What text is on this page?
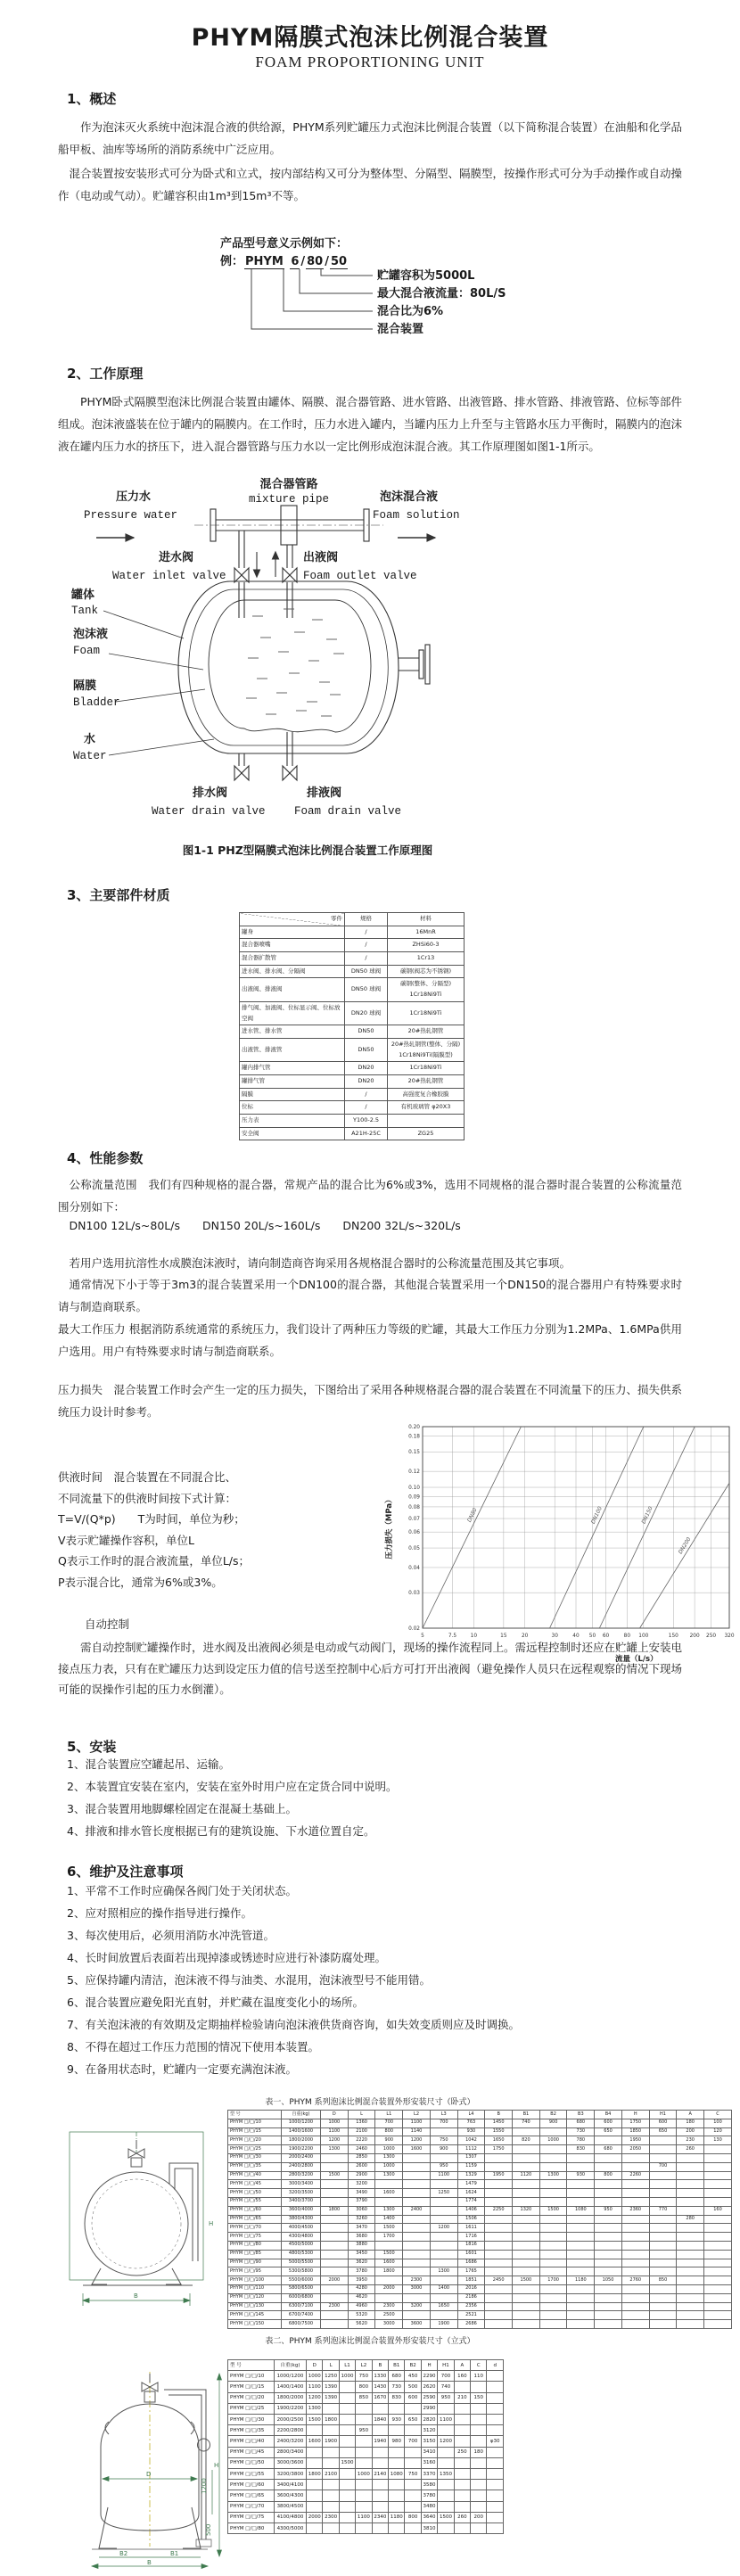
PHYM隔膜式泡沫比例混合装置
FOAM PROPORTIONING UNIT
1、概述
作为泡沫灭火系统中泡沫混合液的供给源，PHYM系列贮罐压力式泡沫比例混合装置（以下简称混合装置）在油船和化学品船甲板、油库等场所的消防系统中广泛应用。
混合装置按安装形式可分为卧式和立式，按内部结构又可分为整体型、分隔型、隔膜型，按操作形式可分为手动操作或自动操作（电动或气动）。贮罐容积由1m³到15m³不等。
产品型号意义示例如下：
例： PHYM 6 / 80 / 50
贮罐容积为5000L
最大混合液流量：80L/S
混合比为6%
混合装置
2、工作原理
PHYM卧式隔膜型泡沫比例混合装置由罐体、隔膜、混合器管路、进水管路、出液管路、排水管路、排液管路、位标等部件组成。泡沫液盛装在位于罐内的隔膜内。在工作时，压力水进入罐内，当罐内压力上升至与主管路水压力平衡时，隔膜内的泡沫液在罐内压力水的挤压下，进入混合器管路与压力水以一定比例形成泡沫混合液。其工作原理图如图1-1所示。
混合器管路
mixture pipe
压力水
Pressure water
泡沫混合液
Foam solution
进水阀
Water inlet valve
出液阀
Foam outlet valve
罐体
Tank
泡沫液
Foam
隔膜
Bladder
水
Water
排水阀
Water drain valve
排液阀
Foam drain valve
图1-1 PHZ型隔膜式泡沫比例混合装置工作原理图
3、主要部件材质
零件	规格	材料
罐身	/	16MnR
混合器喷嘴	/	ZHSi60-3
混合器扩散管	/	1Cr13
进水阀、排水阀、分隔阀	DN50 球阀	碳钢(阀芯为不锈钢)
出液阀、排液阀	DN50 球阀	碳钢(整体、分隔型) 1Cr18Ni9Ti
排气阀、加液阀、位标显示阀、位标放空阀	DN20 球阀	1Cr18Ni9Ti
进水管、排水管	DN50	20#热轧钢管
出液管、排液管	DN50	20#热轧钢管(整体、分隔) 1Cr18Ni9Ti(隔膜型)
罐内排气管	DN20	1Cr18Ni9Ti
罐排气管	DN20	20#热轧钢管
隔膜	/	高强度复合橡胶膜
位标	/	有机玻璃管 φ20X3
压力表	Y100-2.5	
安全阀	A21H-25C	ZG25
4、性能参数
公称流量范围　我们有四种规格的混合器，常规产品的混合比为6%或3%，选用不同规格的混合器时混合装置的公称流量范围分别如下：
DN100 12L/s~80L/s　　DN150 20L/s~160L/s　　DN200 32L/s~320L/s
若用户选用抗溶性水成膜泡沫液时，请向制造商咨询采用各规格混合器时的公称流量范围及其它事项。
通常情况下小于等于3m3的混合装置采用一个DN100的混合器，其他混合装置采用一个DN150的混合器用户有特殊要求时请与制造商联系。
最大工作压力 根据消防系统通常的系统压力，我们设计了两种压力等级的贮罐，其最大工作压力分别为1.2MPa、1.6MPa供用户选用。用户有特殊要求时请与制造商联系。
压力损失　混合装置工作时会产生一定的压力损失，下图给出了采用各种规格混合器的混合装置在不同流量下的压力、损失供系统压力设计时参考。
供液时间　混合装置在不同混合比、
不同流量下的供液时间按下式计算：
T=V/(Q*p)　　T为时间，单位为秒；
V表示贮罐操作容积，单位L
Q表示工作时的混合液流量，单位L/s；
P表示混合比，通常为6%或3%。
5	7.5	10	15	20	30	40 50 60	80 100	150 200 250 320
0.02
0.03
0.04
0.05
0.06
0.07
0.08
0.09
0.10
0.12
0.15
0.18
0.20
DN80	DN100	DN150
DN200
流量（L/s）
压力损失（MPa）
自动控制
需自动控制贮罐操作时，进水阀及出液阀必须是电动或气动阀门，现场的操作流程同上。需远程控制时还应在贮罐上安装电接点压力表，只有在贮罐压力达到设定压力值的信号送至控制中心后方可打开出液阀（避免操作人员只在远程观察的情况下现场可能的误操作引起的压力水倒灌）。
5、安装
1、混合装置应空罐起吊、运输。
2、本装置宜安装在室内，安装在室外时用户应在定货合同中说明。
3、混合装置用地脚螺栓固定在混凝土基础上。
4、排液和排水管长度根据已有的建筑设施、下水道位置自定。
6、维护及注意事项
1、平常不工作时应确保各阀门处于关闭状态。
2、应对照相应的操作指导进行操作。
3、每次使用后，必须用消防水冲洗管道。
4、长时间放置后表面若出现掉漆或锈迹时应进行补漆防腐处理。
5、应保持罐内清洁，泡沫液不得与油类、水混用，泡沫液型号不能用错。
6、混合装置应避免阳光直射，并贮藏在温度变化小的场所。
7、有关泡沫液的有效期及定期抽样检验请向泡沫液供货商咨询，如失效变质则应及时调换。
8、不得在超过工作压力范围的情况下使用本装置。
9、在备用状态时，贮罐内一定要充满泡沫液。
表一、PHYM 系列泡沫比例混合装置外形安装尺寸（卧式）
B
H
型 号	自重(kg)	D	L	L1	L2	L3	L4	B	B1	B2	B3	B4	H	H1	A	C
PHYM □/□/10	1000/1200	1000	1360	700	1100	700	763	1450	740	900	680	600	1750	600	180	100
PHYM □/□/15	1400/1600	1100	2100	800	1140		930	1550			730	650	1850	650	200	120
PHYM □/□/20	1800/2000	1200	2220	900	1200	750	1042	1650	820	1000	780		1950		230	130
PHYM □/□/25	1900/2200	1300	2460	1000	1600	900	1112	1750			830	680	2050		260	
PHYM □/□/30	2000/2400		2850	1300			1307									
PHYM □/□/35	2400/2800		2600	1000		950	1159							700		
PHYM □/□/40	2800/3200	1500	2900	1300		1100	1329	1950	1120	1300	930	800	2260			
PHYM □/□/45	3000/3400		3200				1479									
PHYM □/□/50	3200/3500		3490	1600		1250	1624									
PHYM □/□/55	3400/3700		3790				1774									
PHYM □/□/60	3600/4000	1800	3060	1300	2400		1406	2250	1320	1500	1080	950	2360	770		160
PHYM □/□/65	3800/4300		3260	1400			1506								280	
PHYM □/□/70	4000/4500		3470	1500		1200	1611									
PHYM □/□/75	4300/4800		3680	1700			1716									
PHYM □/□/80	4500/5000		3880				1816									
PHYM □/□/85	4800/5300		3450	1500			1601									
PHYM □/□/90	5000/5500		3620	1600			1686									
PHYM □/□/95	5300/5800		3780	1800		1300	1765									
PHYM □/□/100	5500/6000	2000	3950		2300		1851	2450	1500	1700	1180	1050	2760	850		
PHYM □/□/110	5800/6500		4280	2000	3000	1400	2016									
PHYM □/□/120	6000/6800		4620				2186									
PHYM □/□/130	6300/7100	2300	4960	2300	3200	1650	2356									
PHYM □/□/145	6700/7400		5320	2500			2521									
PHYM □/□/150	6800/7500		5620	3000	3600	1900	2686									
表二、PHYM 系列泡沫比例混合装置外形安装尺寸（立式）
D
H
1200
500
B2	B1
B
型 号	自重(kg)	D	L	L1	L2	B	B1	B2	H	H1	A	C	d
PHYM □/□/10	1000/1200	1000	1250	1000	750	1330	680	450	2290	700	160	110	
PHYM □/□/15	1400/1400	1100	1390		800	1430	730	500	2620	740			
PHYM □/□/20	1800/2000	1200	1390		850	1670	830	600	2590	950	210	150	
PHYM □/□/25	1900/2200	1300							2990				
PHYM □/□/30	2000/2500	1500	1800			1840	930	650	2820	1100			
PHYM □/□/35	2200/2800				950				3120				
PHYM □/□/40	2400/3200	1600	1900			1940	980	700	3150	1200			φ30
PHYM □/□/45	2800/3400								3410		250	180	
PHYM □/□/50	3000/3600			1500					3160				
PHYM □/□/55	3200/3800	1800	2100		1000	2140	1080	750	3370	1350			
PHYM □/□/60	3400/4100								3580				
PHYM □/□/65	3600/4300								3780				
PHYM □/□/70	3800/4500								3480				
PHYM □/□/75	4100/4800	2000	2300		1100	2340	1180	800	3640	1500	260	200	
PHYM □/□/80	4300/5000								3810				
